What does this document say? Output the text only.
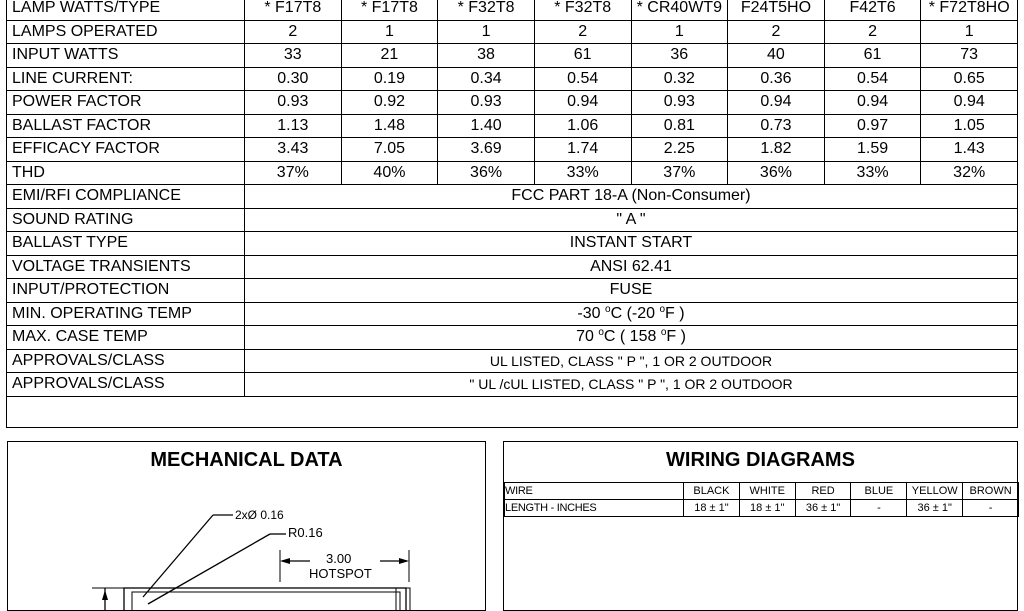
LAMP WATTS/TYPE	* F17T8	* F17T8	* F32T8	* F32T8	* CR40WT9	F24T5HO	F42T6	* F72T8HO
LAMPS OPERATED	2	1	1	2	1	2	2	1
INPUT WATTS	33	21	38	61	36	40	61	73
LINE CURRENT:	0.30	0.19	0.34	0.54	0.32	0.36	0.54	0.65
POWER FACTOR	0.93	0.92	0.93	0.94	0.93	0.94	0.94	0.94
BALLAST FACTOR	1.13	1.48	1.40	1.06	0.81	0.73	0.97	1.05
EFFICACY FACTOR	3.43	7.05	3.69	1.74	2.25	1.82	1.59	1.43
THD	37%	40%	36%	33%	37%	36%	33%	32%
EMI/RFI COMPLIANCE	FCC PART 18-A (Non-Consumer)							
SOUND RATING	" A "							
BALLAST TYPE	INSTANT START							
VOLTAGE TRANSIENTS	ANSI 62.41							
INPUT/PROTECTION	FUSE							
MIN. OPERATING TEMP	-30 $^o$C (-20 $^o$F )							
MAX. CASE TEMP	70 $^o$C ( 158 $^o$F )							
APPROVALS/CLASS	UL LISTED, CLASS " P ", 1 OR 2 OUTDOOR							
APPROVALS/CLASS	" UL /cUL LISTED, CLASS " P ", 1 OR 2 OUTDOOR							
MECHANICAL DATA
2xØ 0.16
R0.16
3.00
HOTSPOT
WIRING DIAGRAMS
WIRE	BLACK	WHITE	RED	BLUE	YELLOW	BROWN
LENGTH - INCHES	18 ± 1"	18 ± 1"	36 ± 1"	-	36 ± 1"	-
